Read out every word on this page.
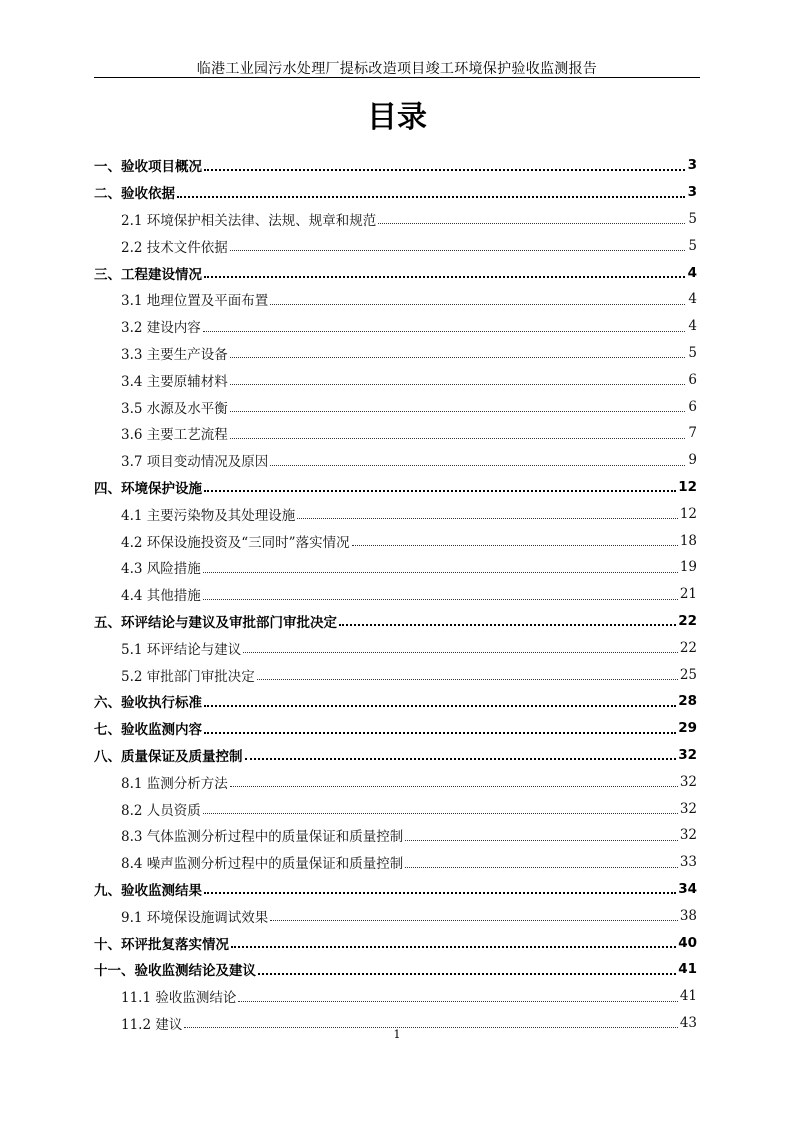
临港工业园污水处理厂提标改造项目竣工环境保护验收监测报告
目录
一、验收项目概况	3
二、验收依据	3
2.1 环境保护相关法律、法规、规章和规范	5
2.2 技术文件依据	5
三、工程建设情况	4
3.1 地理位置及平面布置	4
3.2 建设内容	4
3.3 主要生产设备	5
3.4 主要原辅材料	6
3.5 水源及水平衡	6
3.6 主要工艺流程	7
3.7 项目变动情况及原因	9
四、环境保护设施	12
4.1 主要污染物及其处理设施	12
4.2 环保设施投资及“三同时”落实情况	18
4.3 风险措施	19
4.4 其他措施	21
五、环评结论与建议及审批部门审批决定	22
5.1 环评结论与建议	22
5.2 审批部门审批决定	25
六、验收执行标准	28
七、验收监测内容	29
八、质量保证及质量控制	32
8.1 监测分析方法	32
8.2 人员资质	32
8.3 气体监测分析过程中的质量保证和质量控制	32
8.4 噪声监测分析过程中的质量保证和质量控制	33
九、验收监测结果	34
9.1 环境保设施调试效果	38
十、环评批复落实情况	40
十一、验收监测结论及建议	41
11.1 验收监测结论	41
11.2 建议	43
1
